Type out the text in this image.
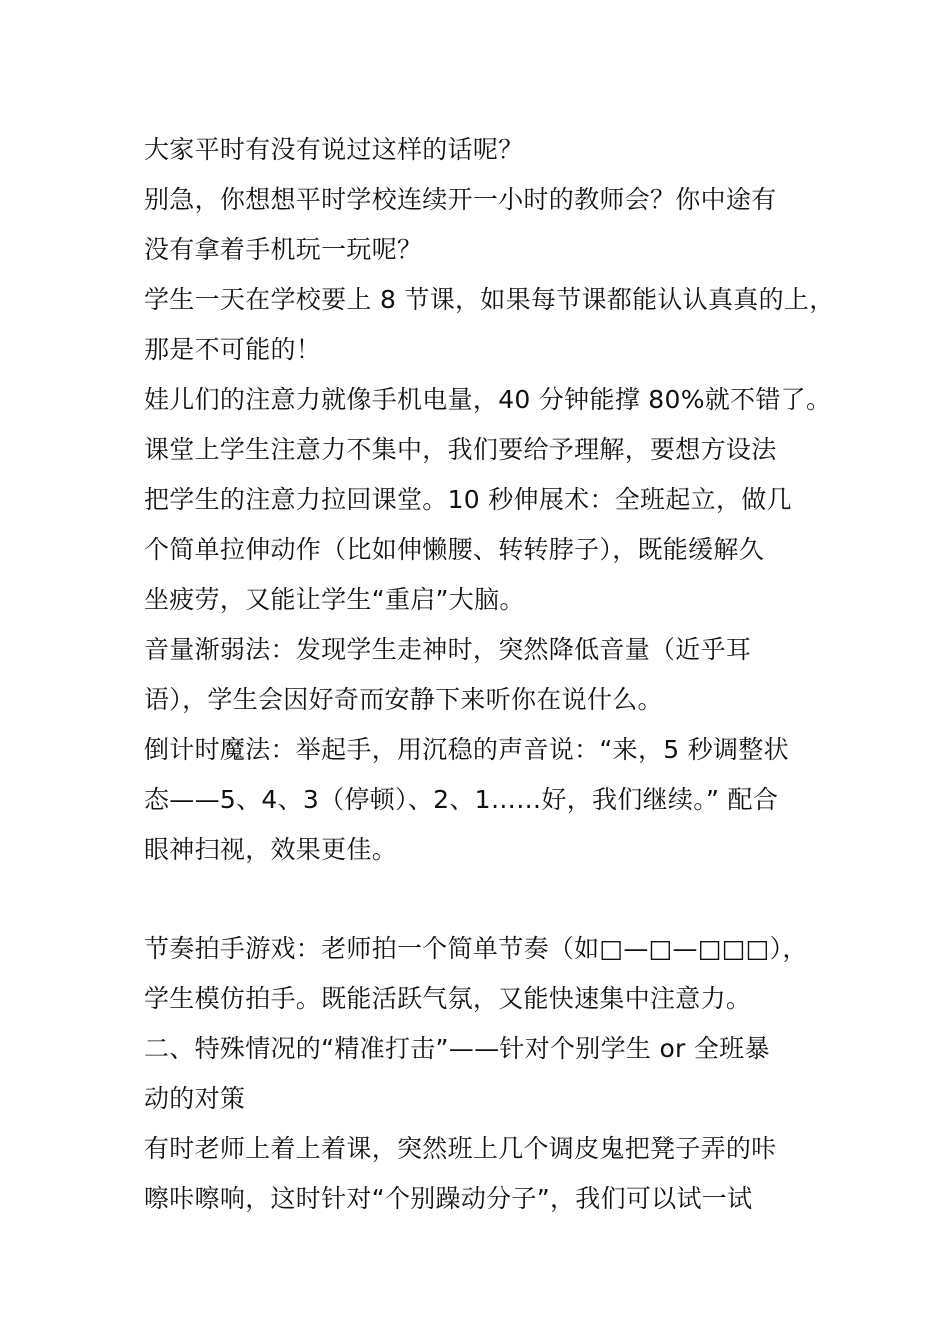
大家平时有没有说过这样的话呢？
别急，你想想平时学校连续开一小时的教师会？你中途有
没有拿着手机玩一玩呢？
学生一天在学校要上 8 节课，如果每节课都能认认真真的上，
那是不可能的！
娃儿们的注意力就像手机电量，40 分钟能撑 80%就不错了。
课堂上学生注意力不集中，我们要给予理解，要想方设法
把学生的注意力拉回课堂。10 秒伸展术：全班起立，做几
个简单拉伸动作（比如伸懒腰、转转脖子），既能缓解久
坐疲劳，又能让学生“重启”大脑。
音量渐弱法：发现学生走神时，突然降低音量（近乎耳
语），学生会因好奇而安静下来听你在说什么。
倒计时魔法：举起手，用沉稳的声音说：“来，5 秒调整状
态——5、4、3（停顿）、2、1……好，我们继续。” 配合
眼神扫视，效果更佳。
节奏拍手游戏：老师拍一个简单节奏（如□—□—□□□），
学生模仿拍手。既能活跃气氛，又能快速集中注意力。
二、特殊情况的“精准打击”——针对个别学生 or 全班暴
动的对策
有时老师上着上着课，突然班上几个调皮鬼把凳子弄的咔
嚓咔嚓响，这时针对“个别躁动分子”，我们可以试一试
